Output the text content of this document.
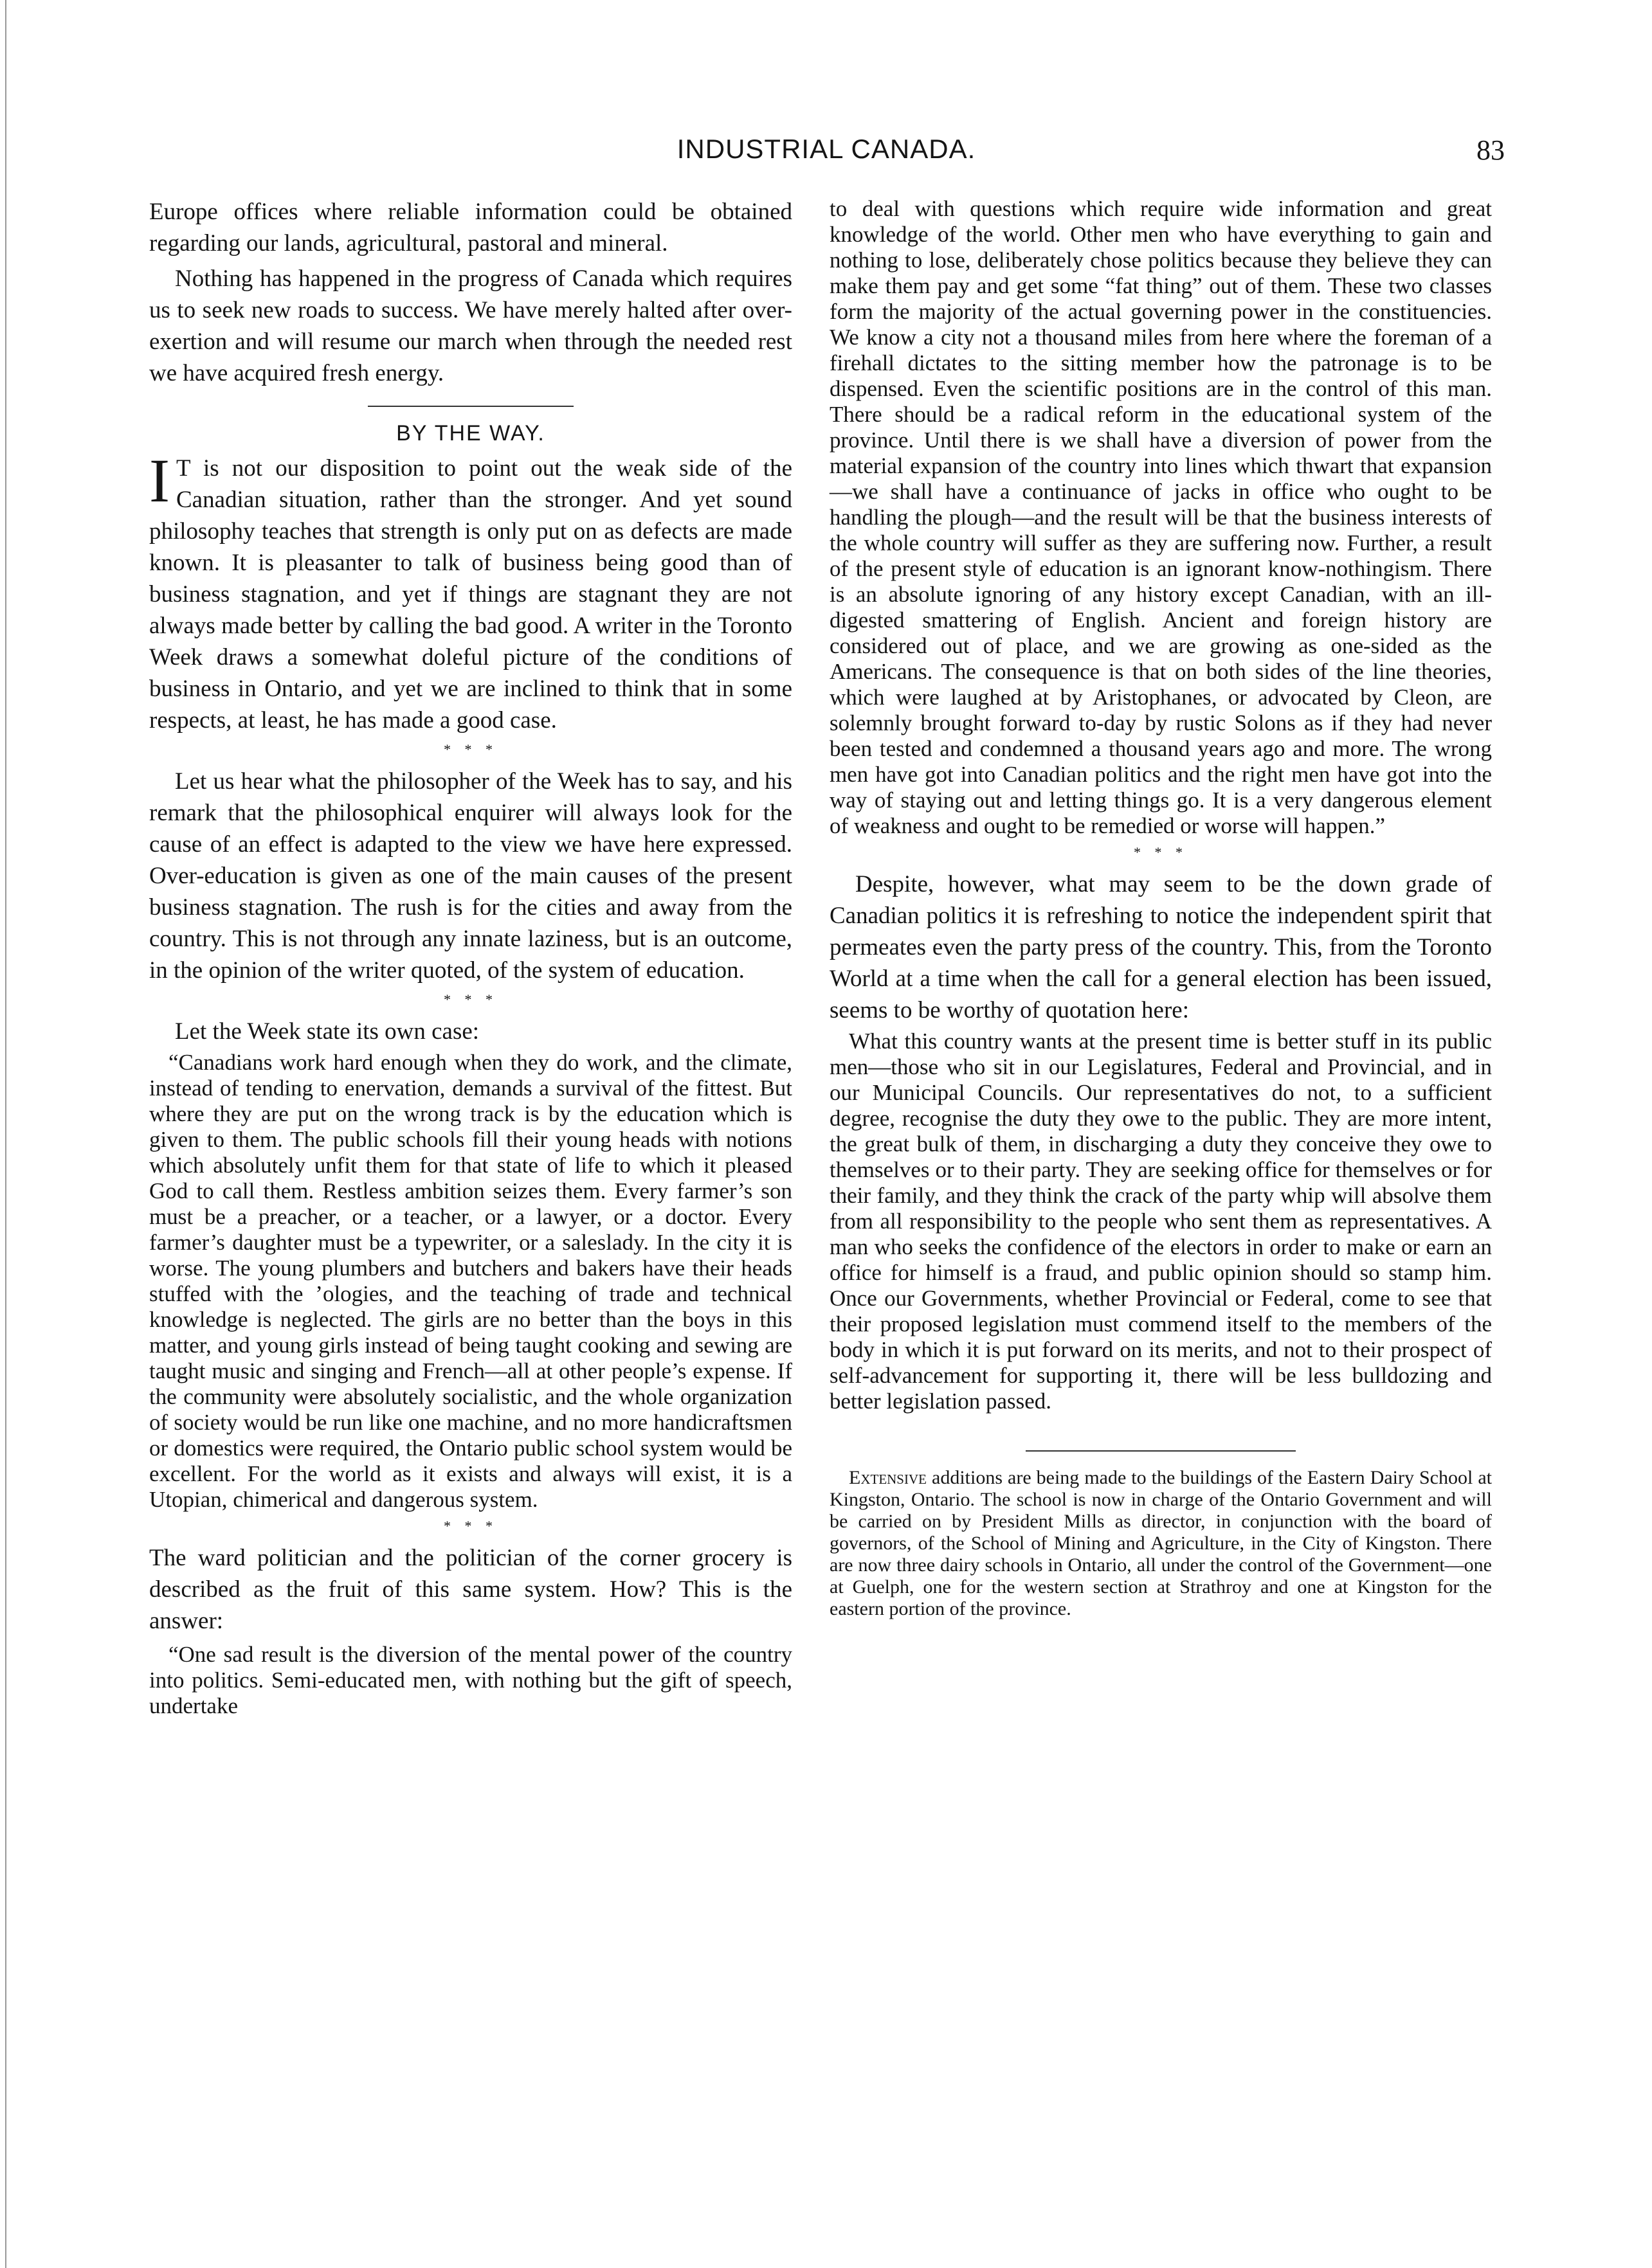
INDUSTRIAL CANADA.	83

Europe offices where reliable information could be obtained regarding our lands, agricultural, pastoral and mineral.

Nothing has happened in the progress of Canada which requires us to seek new roads to success. We have merely halted after over-exertion and will resume our march when through the needed rest we have acquired fresh energy.

BY THE WAY.

I T is not our disposition to point out the weak side of the Canadian situation, rather than the stronger. And yet sound philosophy teaches that strength is only put on as defects are made known. It is pleasanter to talk of business being good than of business stagnation, and yet if things are stagnant they are not always made better by calling the bad good. A writer in the Toronto Week draws a somewhat doleful picture of the conditions of business in Ontario, and yet we are inclined to think that in some respects, at least, he has made a good case.

* * *

Let us hear what the philosopher of the Week has to say, and his remark that the philosophical enquirer will always look for the cause of an effect is adapted to the view we have here expressed. Over-education is given as one of the main causes of the present business stagnation. The rush is for the cities and away from the country. This is not through any innate laziness, but is an outcome, in the opinion of the writer quoted, of the system of education.

* * *

Let the Week state its own case:

“Canadians work hard enough when they do work, and the climate, instead of tending to enervation, demands a survival of the fittest. But where they are put on the wrong track is by the education which is given to them. The public schools fill their young heads with notions which absolutely unfit them for that state of life to which it pleased God to call them. Restless ambition seizes them. Every farmer’s son must be a preacher, or a teacher, or a lawyer, or a doctor. Every farmer’s daughter must be a typewriter, or a saleslady. In the city it is worse. The young plumbers and butchers and bakers have their heads stuffed with the ’ologies, and the teaching of trade and technical knowledge is neglected. The girls are no better than the boys in this matter, and young girls instead of being taught cooking and sewing are taught music and singing and French—all at other people’s expense. If the community were absolutely socialistic, and the whole organization of society would be run like one machine, and no more handicraftsmen or domestics were required, the Ontario public school system would be excellent. For the world as it exists and always will exist, it is a Utopian, chimerical and dangerous system.

* * *

The ward politician and the politician of the corner grocery is described as the fruit of this same system. How? This is the answer:

“One sad result is the diversion of the mental power of the country into politics. Semi-educated men, with nothing but the gift of speech, undertake

to deal with questions which require wide information and great knowledge of the world. Other men who have everything to gain and nothing to lose, deliberately chose politics because they believe they can make them pay and get some “fat thing” out of them. These two classes form the majority of the actual governing power in the constituencies. We know a city not a thousand miles from here where the foreman of a firehall dictates to the sitting member how the patronage is to be dispensed. Even the scientific positions are in the control of this man. There should be a radical reform in the educational system of the province. Until there is we shall have a diversion of power from the material expansion of the country into lines which thwart that expansion—we shall have a continuance of jacks in office who ought to be handling the plough—and the result will be that the business interests of the whole country will suffer as they are suffering now. Further, a result of the present style of education is an ignorant know-nothingism. There is an absolute ignoring of any history except Canadian, with an ill-digested smattering of English. Ancient and foreign history are considered out of place, and we are growing as one-sided as the Americans. The consequence is that on both sides of the line theories, which were laughed at by Aristophanes, or advocated by Cleon, are solemnly brought forward to-day by rustic Solons as if they had never been tested and condemned a thousand years ago and more. The wrong men have got into Canadian politics and the right men have got into the way of staying out and letting things go. It is a very dangerous element of weakness and ought to be remedied or worse will happen.”

* * *

Despite, however, what may seem to be the down grade of Canadian politics it is refreshing to notice the independent spirit that permeates even the party press of the country. This, from the Toronto World at a time when the call for a general election has been issued, seems to be worthy of quotation here:

What this country wants at the present time is better stuff in its public men—those who sit in our Legislatures, Federal and Provincial, and in our Municipal Councils. Our representatives do not, to a sufficient degree, recognise the duty they owe to the public. They are more intent, the great bulk of them, in discharging a duty they conceive they owe to themselves or to their party. They are seeking office for themselves or for their family, and they think the crack of the party whip will absolve them from all responsibility to the people who sent them as representatives. A man who seeks the confidence of the electors in order to make or earn an office for himself is a fraud, and public opinion should so stamp him. Once our Governments, whether Provincial or Federal, come to see that their proposed legislation must commend itself to the members of the body in which it is put forward on its merits, and not to their prospect of self-advancement for supporting it, there will be less bulldozing and better legislation passed.

Extensive additions are being made to the buildings of the Eastern Dairy School at Kingston, Ontario. The school is now in charge of the Ontario Government and will be carried on by President Mills as director, in conjunction with the board of governors, of the School of Mining and Agriculture, in the City of Kingston. There are now three dairy schools in Ontario, all under the control of the Government—one at Guelph, one for the western section at Strathroy and one at Kingston for the eastern portion of the province.
